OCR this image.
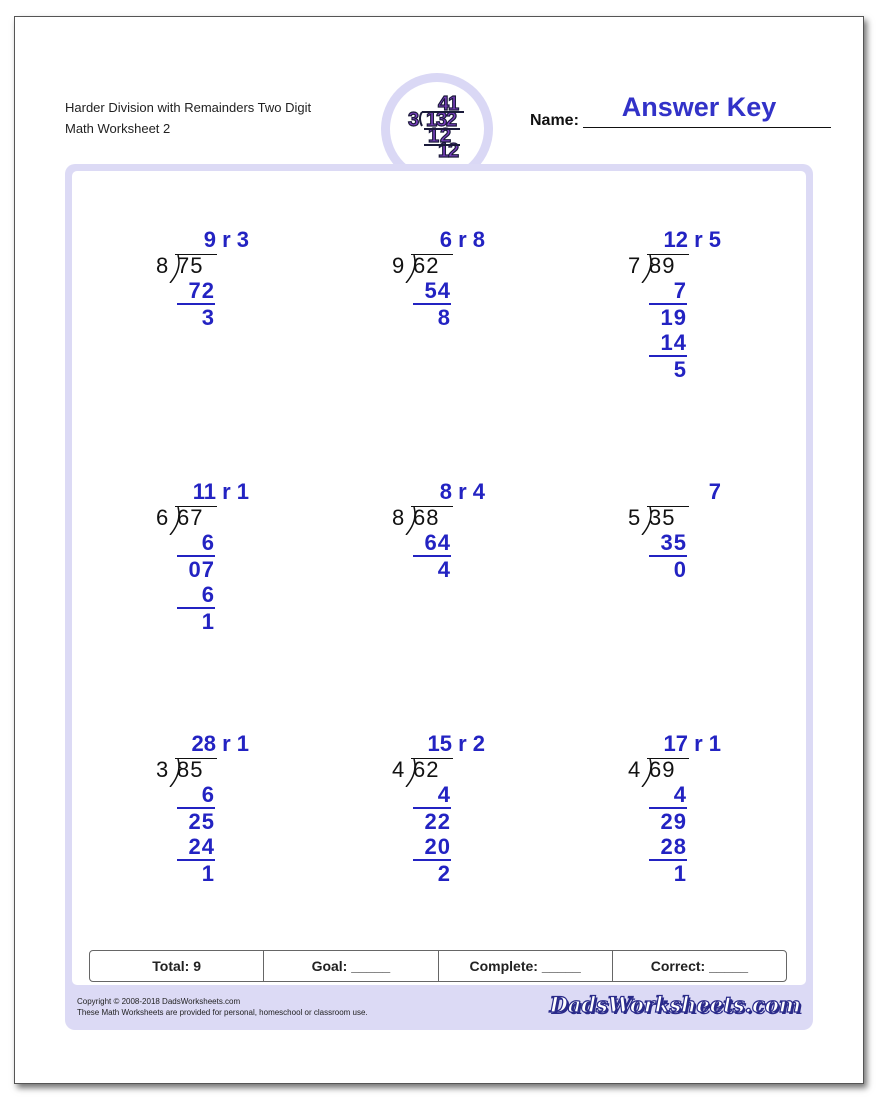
Harder Division with Remainders Two Digit
Math Worksheet 2
4
1
3 1
3
2
1 2
1
2
Name:	Answer Key
9 r 3
8 75
72
3
6 r 8
9 62
54
8
12 r 5
7 89
7
19
14
5
11 r 1
6 67
6
07
6
1
8 r 4
8 68
64
4
7
5 35
35
0
28 r 1
3 85
6
25
24
1
15 r 2
4 62
4
22
20
2
17 r 1
4 69
4
29
28
1
Total: 9	Goal: _____	Complete: _____	Correct: _____
Copyright © 2008-2018 DadsWorksheets.com
These Math Worksheets are provided for personal, homeschool or classroom use.	DadsWorksheets.com
